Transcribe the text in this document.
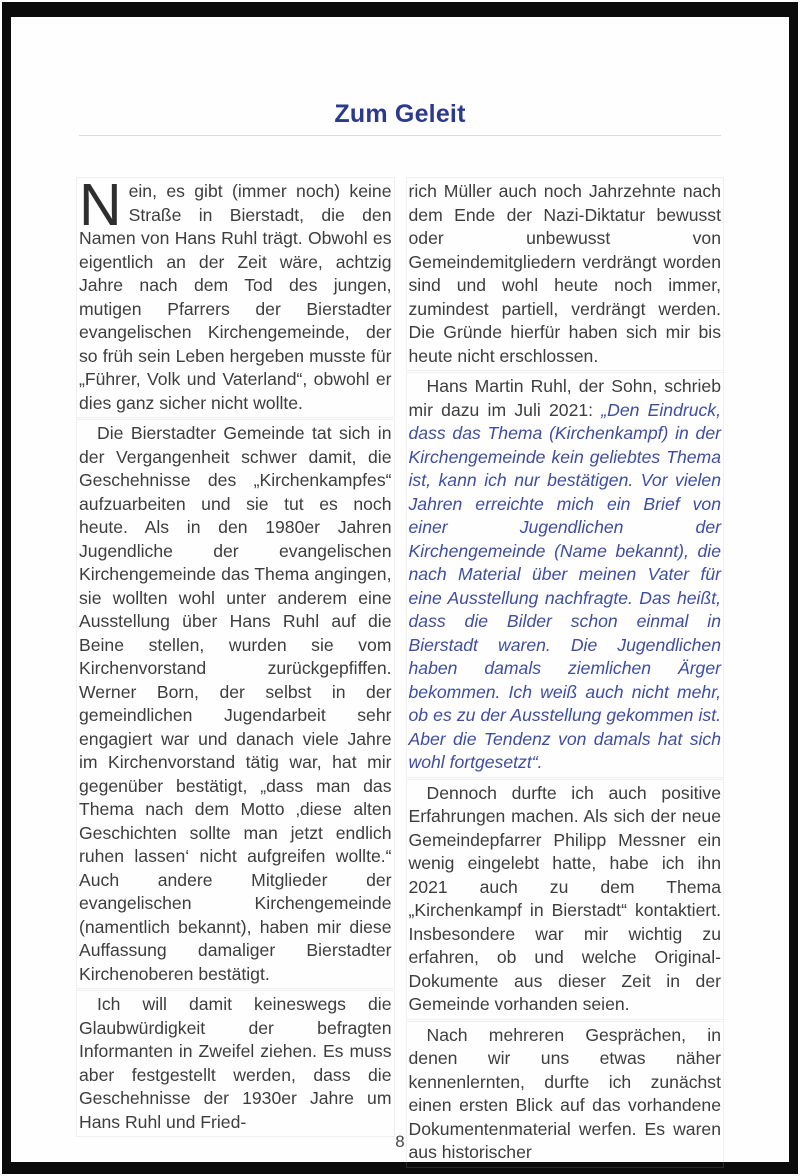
Zum Geleit

Nein, es gibt (immer noch) keine Straße in Bierstadt, die den Namen von Hans Ruhl trägt. Obwohl es eigentlich an der Zeit wäre, achtzig Jahre nach dem Tod des jungen, mutigen Pfarrers der Bierstadter evangelischen Kirchengemeinde, der so früh sein Leben hergeben musste für „Führer, Volk und Vaterland“, obwohl er dies ganz sicher nicht wollte.

Die Bierstadter Gemeinde tat sich in der Vergangenheit schwer damit, die Geschehnisse des „Kirchenkampfes“ aufzuarbeiten und sie tut es noch heute. Als in den 1980er Jahren Jugendliche der evangelischen Kirchengemeinde das Thema angingen, sie wollten wohl unter anderem eine Ausstellung über Hans Ruhl auf die Beine stellen, wurden sie vom Kirchenvorstand zurückgepfiffen. Werner Born, der selbst in der gemeindlichen Jugendarbeit sehr engagiert war und danach viele Jahre im Kirchenvorstand tätig war, hat mir gegenüber bestätigt, „dass man das Thema nach dem Motto ‚diese alten Geschichten sollte man jetzt endlich ruhen lassen‘ nicht aufgreifen wollte.“ Auch andere Mitglieder der evangelischen Kirchengemeinde (namentlich bekannt), haben mir diese Auffassung damaliger Bierstadter Kirchenoberen bestätigt.

Ich will damit keineswegs die Glaubwürdigkeit der befragten Informanten in Zweifel ziehen. Es muss aber festgestellt werden, dass die Geschehnisse der 1930er Jahre um Hans Ruhl und Fried-

rich Müller auch noch Jahrzehnte nach dem Ende der Nazi-Diktatur bewusst oder unbewusst von Gemeindemitgliedern verdrängt worden sind und wohl heute noch immer, zumindest partiell, verdrängt werden. Die Gründe hierfür haben sich mir bis heute nicht erschlossen.

Hans Martin Ruhl, der Sohn, schrieb mir dazu im Juli 2021: „Den Eindruck, dass das Thema (Kirchenkampf) in der Kirchengemeinde kein geliebtes Thema ist, kann ich nur bestätigen. Vor vielen Jahren erreichte mich ein Brief von einer Jugendlichen der Kirchengemeinde (Name bekannt), die nach Material über meinen Vater für eine Ausstellung nachfragte. Das heißt, dass die Bilder schon einmal in Bierstadt waren. Die Jugendlichen haben damals ziemlichen Ärger bekommen. Ich weiß auch nicht mehr, ob es zu der Ausstellung gekommen ist. Aber die Tendenz von damals hat sich wohl fortgesetzt“.

Dennoch durfte ich auch positive Erfahrungen machen. Als sich der neue Gemeindepfarrer Philipp Messner ein wenig eingelebt hatte, habe ich ihn 2021 auch zu dem Thema „Kirchenkampf in Bierstadt“ kontaktiert. Insbesondere war mir wichtig zu erfahren, ob und welche Original-Dokumente aus dieser Zeit in der Gemeinde vorhanden seien.

Nach mehreren Gesprächen, in denen wir uns etwas näher kennenlernten, durfte ich zunächst einen ersten Blick auf das vorhandene Dokumentenmaterial werfen. Es waren aus historischer

8
